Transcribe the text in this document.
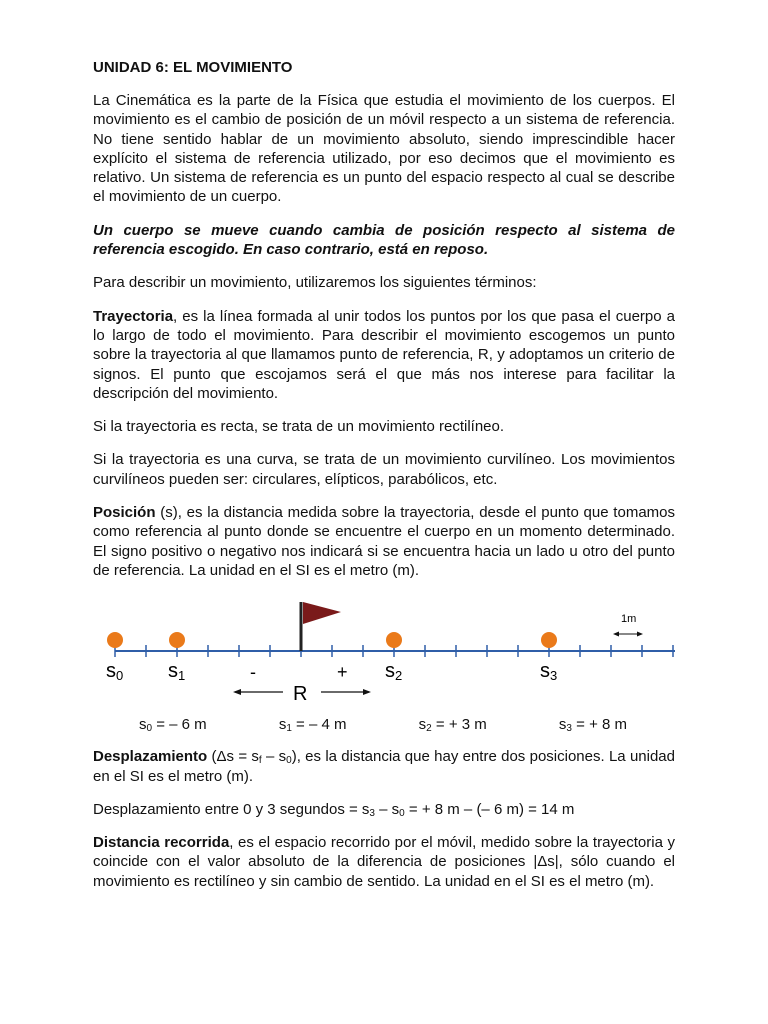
UNIDAD 6: EL MOVIMIENTO

La Cinemática es la parte de la Física que estudia el movimiento de los cuerpos. El movimiento es el cambio de posición de un móvil respecto a un sistema de referencia. No tiene sentido hablar de un movimiento absoluto, siendo imprescindible hacer explícito el sistema de referencia utilizado, por eso decimos que el movimiento es relativo. Un sistema de referencia es un punto del espacio respecto al cual se describe el movimiento de un cuerpo.

Un cuerpo se mueve cuando cambia de posición respecto al sistema de referencia escogido. En caso contrario, está en reposo.

Para describir un movimiento, utilizaremos los siguientes términos:

Trayectoria, es la línea formada al unir todos los puntos por los que pasa el cuerpo a lo largo de todo el movimiento. Para describir el movimiento escogemos un punto sobre la trayectoria al que llamamos punto de referencia, R, y adoptamos un criterio de signos. El punto que escojamos será el que más nos interese para facilitar la descripción del movimiento.

Si la trayectoria es recta, se trata de un movimiento rectilíneo.

Si la trayectoria es una curva, se trata de un movimiento curvilíneo. Los movimientos curvilíneos pueden ser: circulares, elípticos, parabólicos, etc.

Posición (s), es la distancia medida sobre la trayectoria, desde el punto que tomamos como referencia al punto donde se encuentre el cuerpo en un momento determinado. El signo positivo o negativo nos indicará si se encuentra hacia un lado u otro del punto de referencia. La unidad en el SI es el metro (m).

s0 s1	s2	s3
-	+
R
1m
$s_0$ = – 6 m	$s_1$ = – 4 m	$s_2$ = + 3 m	$s_3$ = + 8 m

Desplazamiento $(\Delta s = s_f - s_0)$, es la distancia que hay entre dos posiciones. La unidad en el SI es el metro (m).

Desplazamiento entre 0 y 3 segundos = $s_3 - s_0$ = + 8 m – (– 6 m) = 14 m

Distancia recorrida, es el espacio recorrido por el móvil, medido sobre la trayectoria y coincide con el valor absoluto de la diferencia de posiciones |Δs|, sólo cuando el movimiento es rectilíneo y sin cambio de sentido. La unidad en el SI es el metro (m).
